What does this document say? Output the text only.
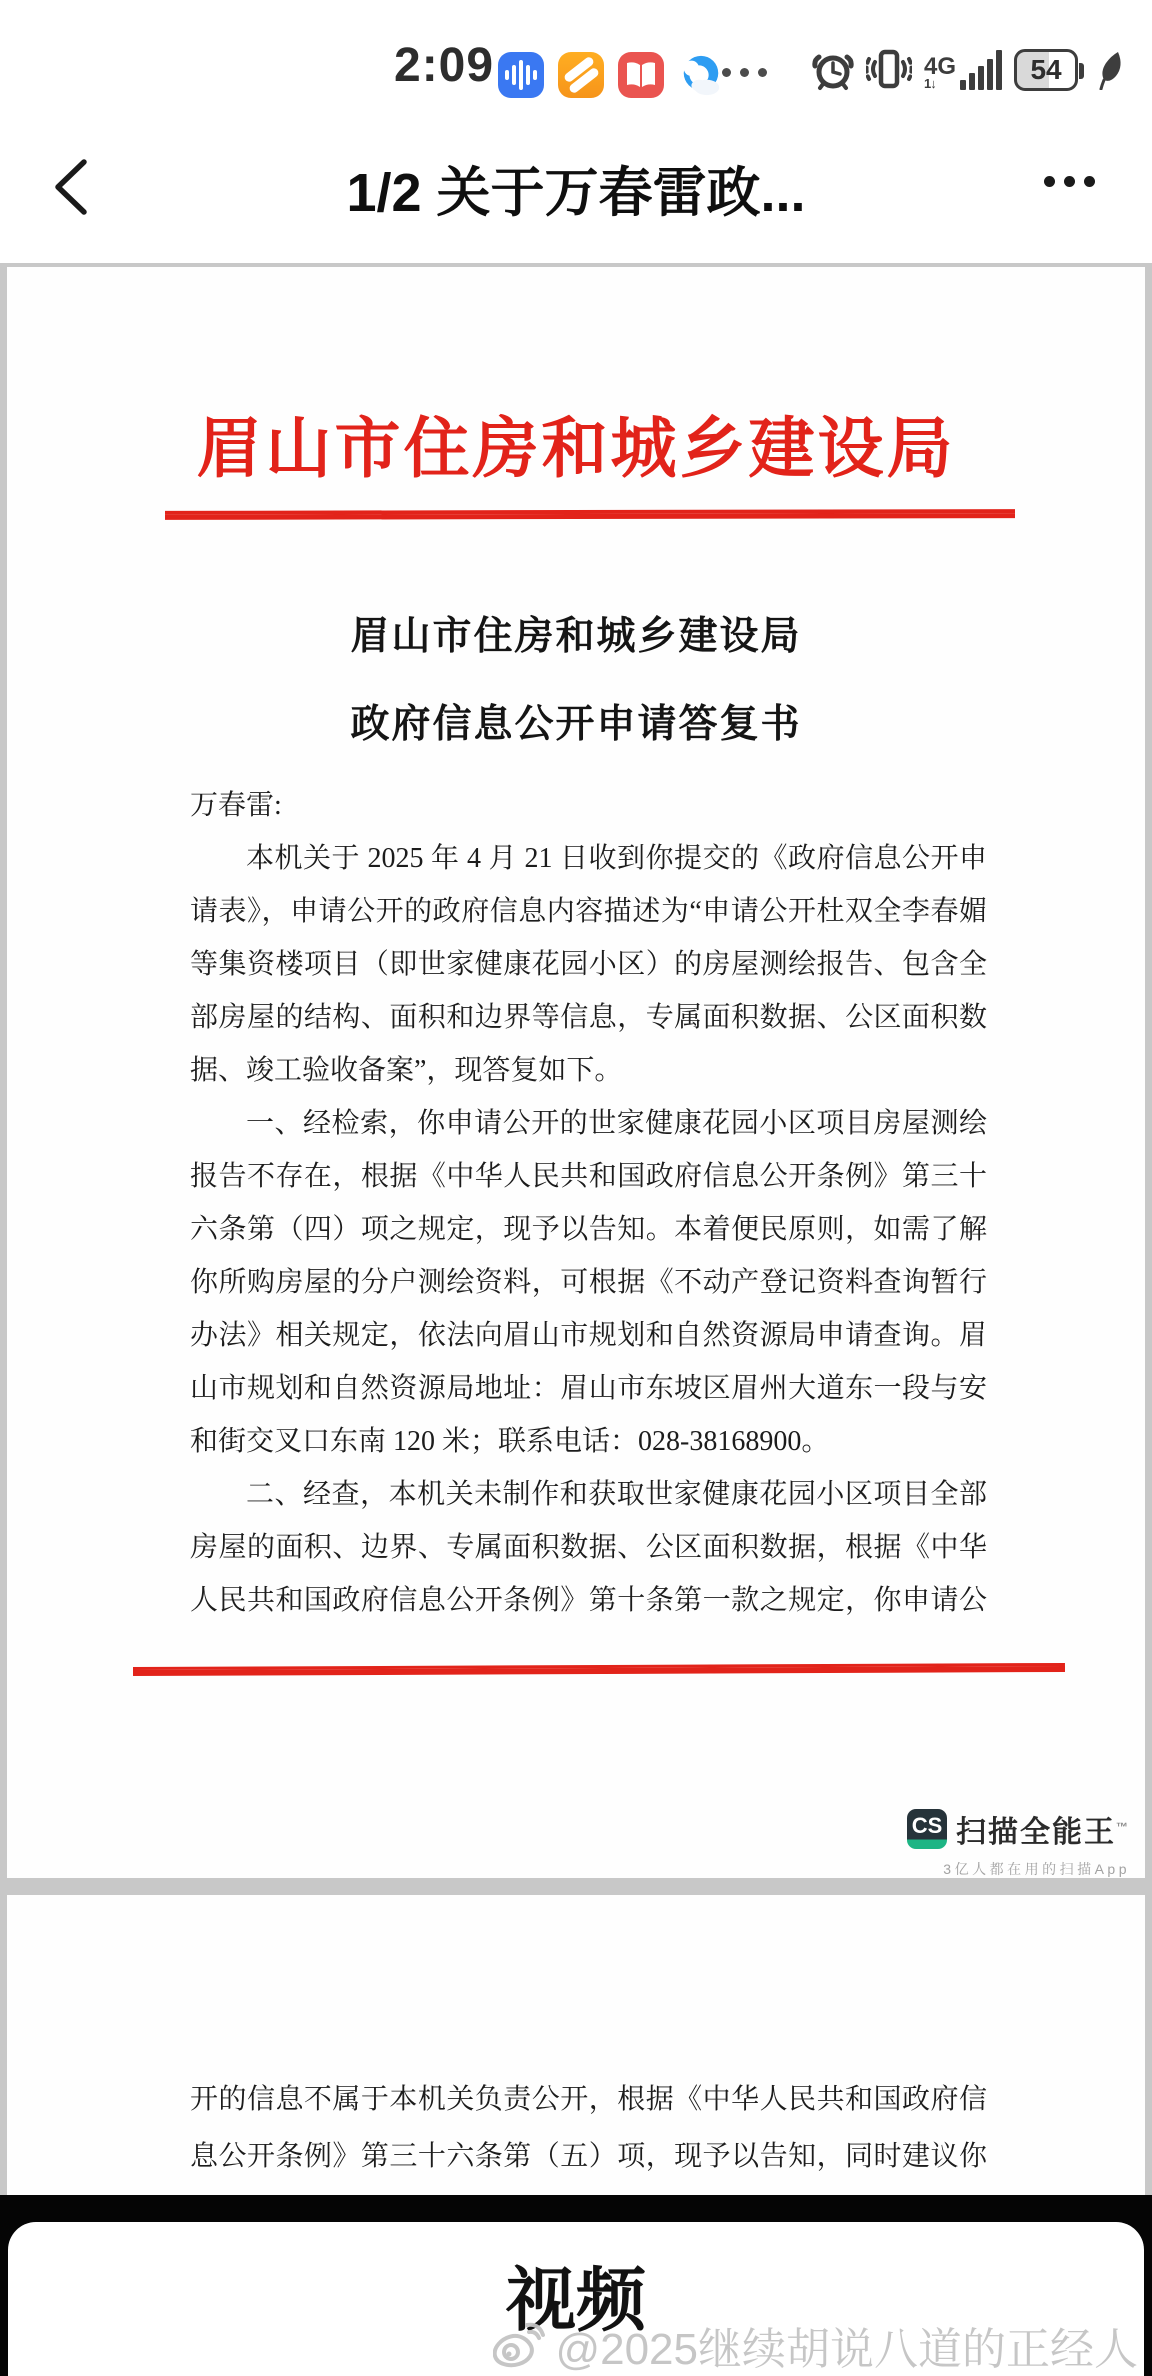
2:09	4G
1↓	54
1/2 关于万春雷政...
眉山市住房和城乡建设局
眉山市住房和城乡建设局
政府信息公开申请答复书
万春雷:
本机关于 2025 年 4 月 21 日收到你提交的《政府信息公开申
请表》，申请公开的政府信息内容描述为“申请公开杜双全李春媚
等集资楼项目（即世家健康花园小区）的房屋测绘报告、包含全
部房屋的结构、面积和边界等信息，专属面积数据、公区面积数
据、竣工验收备案”，现答复如下。
一、经检索，你申请公开的世家健康花园小区项目房屋测绘
报告不存在，根据《中华人民共和国政府信息公开条例》第三十
六条第（四）项之规定，现予以告知。本着便民原则，如需了解
你所购房屋的分户测绘资料，可根据《不动产登记资料查询暂行
办法》相关规定，依法向眉山市规划和自然资源局申请查询。眉
山市规划和自然资源局地址：眉山市东坡区眉州大道东一段与安
和街交叉口东南 120 米；联系电话：028-38168900。
二、经查，本机关未制作和获取世家健康花园小区项目全部
房屋的面积、边界、专属面积数据、公区面积数据，根据《中华
人民共和国政府信息公开条例》第十条第一款之规定，你申请公
CS 扫描全能王™
3亿人都在用的扫描App
开的信息不属于本机关负责公开，根据《中华人民共和国政府信
息公开条例》第三十六条第（五）项，现予以告知，同时建议你
视频
@2025继续胡说八道的正经人
